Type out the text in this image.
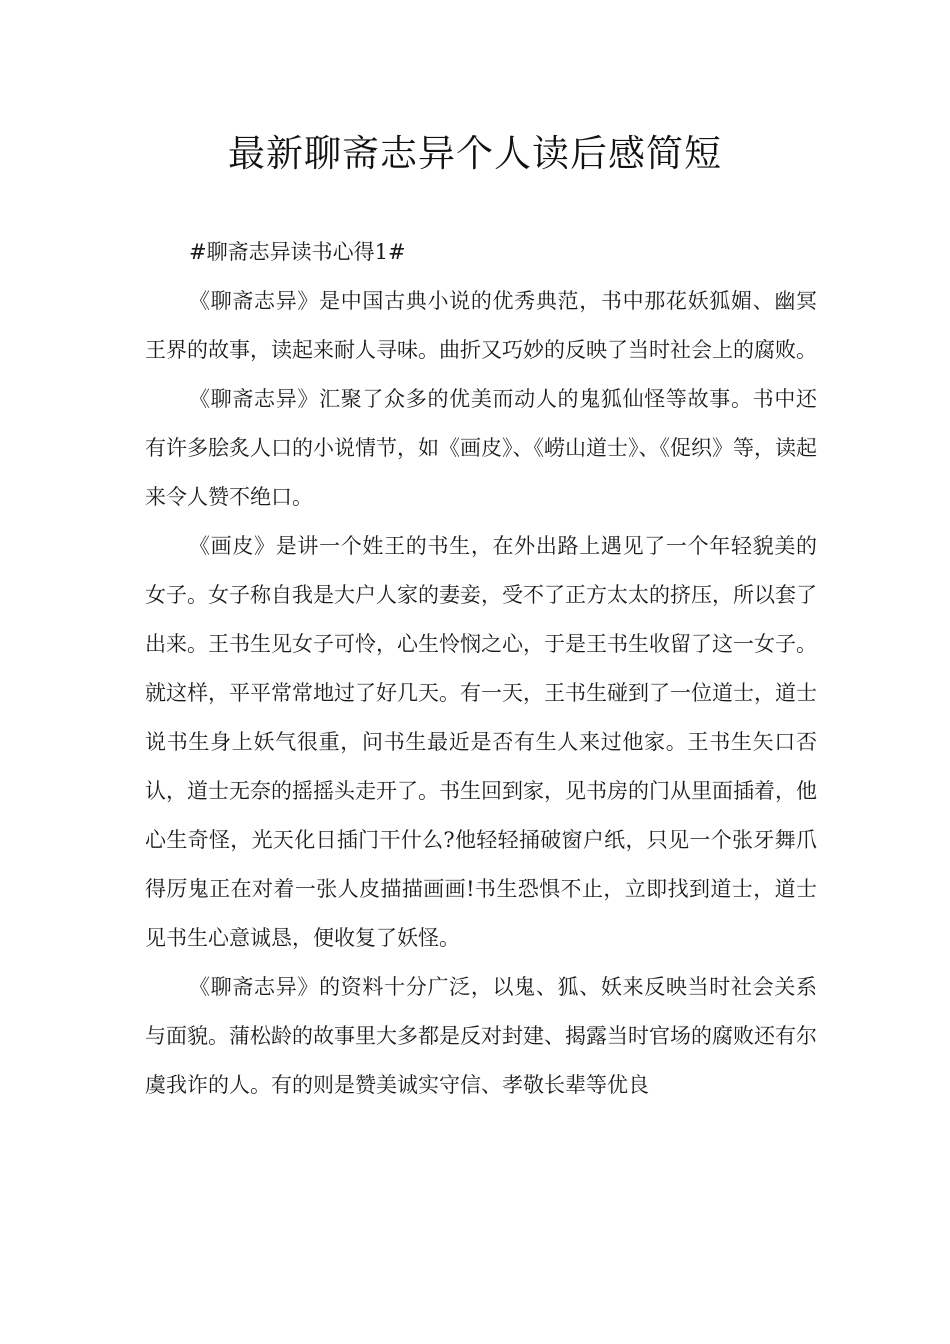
最新聊斋志异个人读后感简短

#聊斋志异读书心得1#

《聊斋志异》是中国古典小说的优秀典范，书中那花妖狐媚、幽冥王界的故事，读起来耐人寻味。曲折又巧妙的反映了当时社会上的腐败。

《聊斋志异》汇聚了众多的优美而动人的鬼狐仙怪等故事。书中还有许多脍炙人口的小说情节，如《画皮》、《崂山道士》、《促织》等，读起来令人赞不绝口。

《画皮》是讲一个姓王的书生，在外出路上遇见了一个年轻貌美的女子。女子称自我是大户人家的妻妾，受不了正方太太的挤压，所以套了出来。王书生见女子可怜，心生怜悯之心，于是王书生收留了这一女子。就这样，平平常常地过了好几天。有一天，王书生碰到了一位道士，道士说书生身上妖气很重，问书生最近是否有生人来过他家。王书生矢口否认，道士无奈的摇摇头走开了。书生回到家，见书房的门从里面插着，他心生奇怪，光天化日插门干什么?他轻轻捅破窗户纸，只见一个张牙舞爪得厉鬼正在对着一张人皮描描画画!书生恐惧不止，立即找到道士，道士见书生心意诚恳，便收复了妖怪。

《聊斋志异》的资料十分广泛，以鬼、狐、妖来反映当时社会关系与面貌。蒲松龄的故事里大多都是反对封建、揭露当时官场的腐败还有尔虞我诈的人。有的则是赞美诚实守信、孝敬长辈等优良
